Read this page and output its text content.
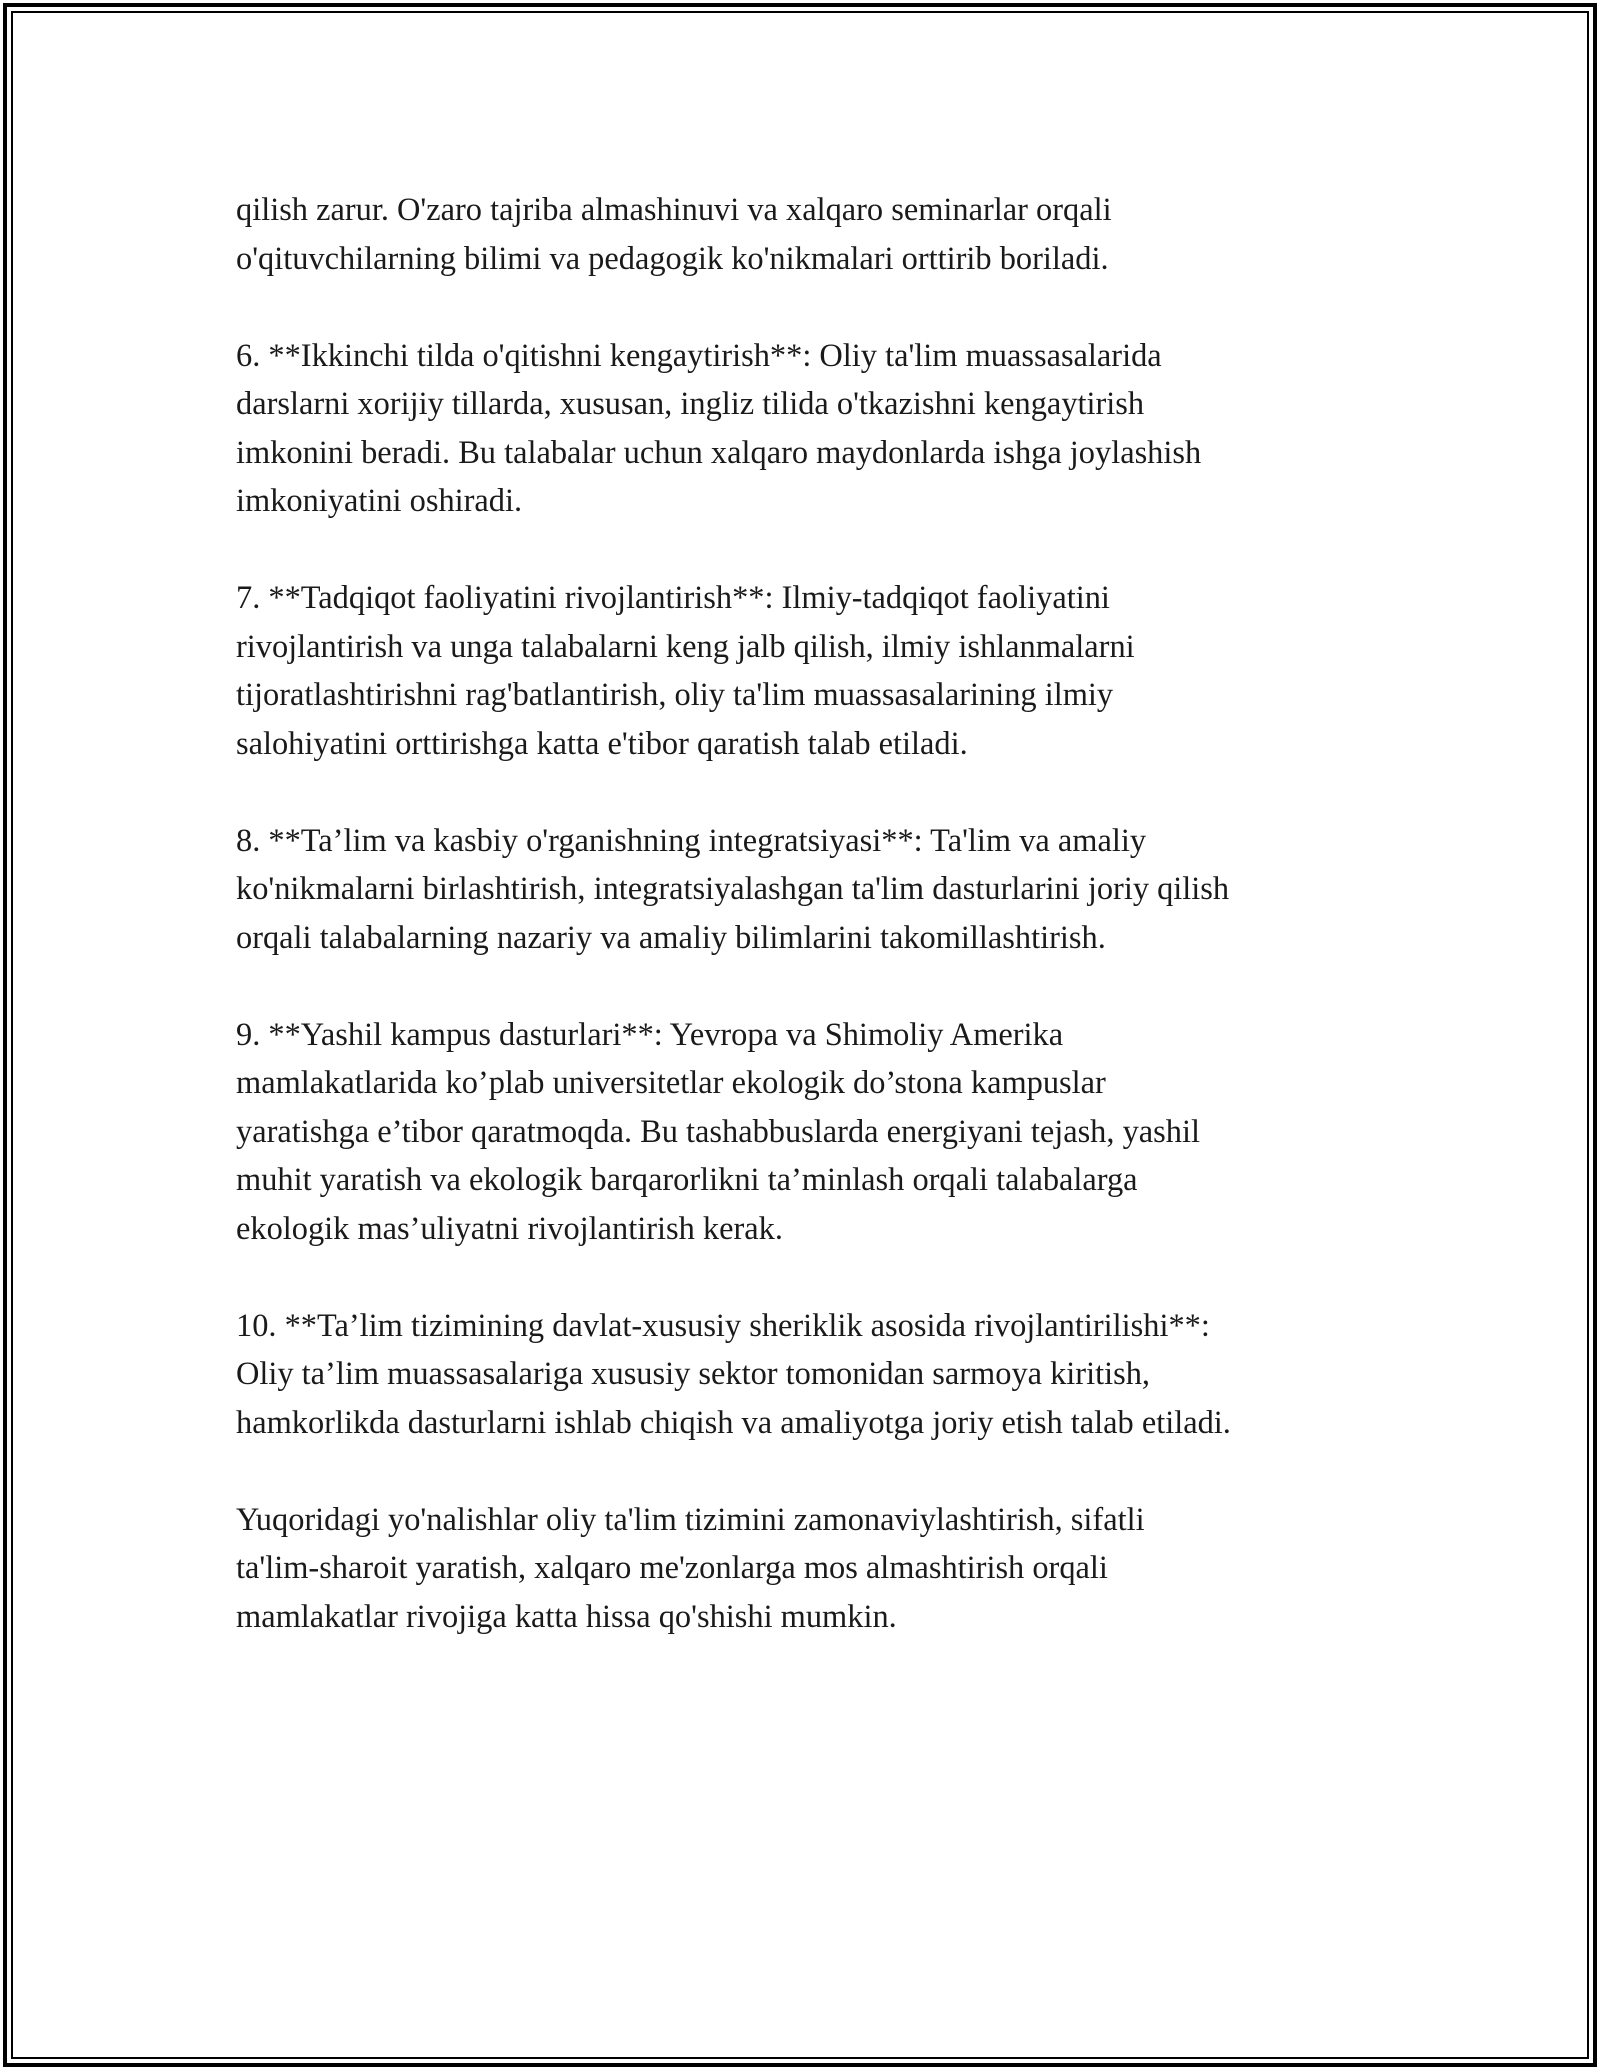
qilish zarur. O'zaro tajriba almashinuvi va xalqaro seminarlar orqali
o'qituvchilarning bilimi va pedagogik ko'nikmalari orttirib boriladi.

6. **Ikkinchi tilda o'qitishni kengaytirish**: Oliy ta'lim muassasalarida
darslarni xorijiy tillarda, xususan, ingliz tilida o'tkazishni kengaytirish
imkonini beradi. Bu talabalar uchun xalqaro maydonlarda ishga joylashish
imkoniyatini oshiradi.

7. **Tadqiqot faoliyatini rivojlantirish**: Ilmiy-tadqiqot faoliyatini
rivojlantirish va unga talabalarni keng jalb qilish, ilmiy ishlanmalarni
tijoratlashtirishni rag'batlantirish, oliy ta'lim muassasalarining ilmiy
salohiyatini orttirishga katta e'tibor qaratish talab etiladi.

8. **Ta’lim va kasbiy o'rganishning integratsiyasi**: Ta'lim va amaliy
ko'nikmalarni birlashtirish, integratsiyalashgan ta'lim dasturlarini joriy qilish
orqali talabalarning nazariy va amaliy bilimlarini takomillashtirish.

9. **Yashil kampus dasturlari**: Yevropa va Shimoliy Amerika
mamlakatlarida ko’plab universitetlar ekologik do’stona kampuslar
yaratishga e’tibor qaratmoqda. Bu tashabbuslarda energiyani tejash, yashil
muhit yaratish va ekologik barqarorlikni ta’minlash orqali talabalarga
ekologik mas’uliyatni rivojlantirish kerak.

10. **Ta’lim tizimining davlat-xususiy sheriklik asosida rivojlantirilishi**:
Oliy ta’lim muassasalariga xususiy sektor tomonidan sarmoya kiritish,
hamkorlikda dasturlarni ishlab chiqish va amaliyotga joriy etish talab etiladi.

Yuqoridagi yo'nalishlar oliy ta'lim tizimini zamonaviylashtirish, sifatli
ta'lim-sharoit yaratish, xalqaro me'zonlarga mos almashtirish orqali
mamlakatlar rivojiga katta hissa qo'shishi mumkin.
